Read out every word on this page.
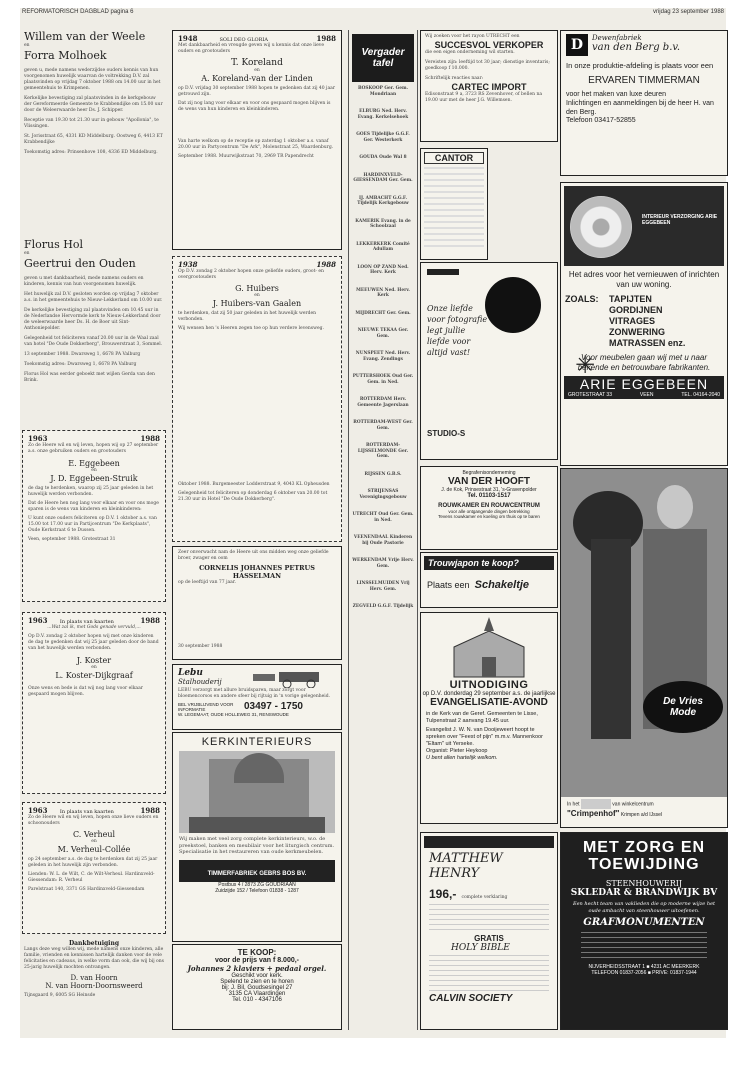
REFORMATORISCH DAGBLAD pagina 6	vrijdag 23 september 1988

Willem van der Weele

en

Forra Molhoek

geven u, mede namens wederzijdse ouders kennis van hun voorgenomen huwelijk waarvan de voltrekking D.V. zal plaatsvinden op vrijdag 7 oktober 1988 om 14.00 uur in het gemeentehuis te Krimpenen.
Kerkelijke bevestiging zal plaatsvinden in de kerkgebouw der Gereformeerde Gemeente te Krabbendijke om 15.00 uur door de Weleerwaarde heer Ds. J. Schipper.
Receptie van 19.30 tot 21.30 uur in gebouw "Apollonia", te Vlissingen.
St. Jorisstraat 65, 4331 KD Middelburg. Oostweg 6, 4413 ET Krabbendijke
Toekomstig adres: Prinsenhove 108, 4336 ED Middelburg.

Florus Hol

en

Geertrui den Ouden

geven u met dankbaarheid, mede namens ouders en kinderen, kennis van hun voorgenomen huwelijk.
Het huwelijk zal D.V. gesloten worden op vrijdag 7 oktober a.s. in het gemeentehuis te Nieuw-Lekkerland om 10.00 uur.
De kerkelijke bevestiging zal plaatsvinden om 10.45 uur in de Nederlandse Hervormde kerk te Nieuw-Lekkerland door de weleerwaarde heer Ds. H. de Boer uit Sint-Anthoniepolder.
Gelegenheid tot feliciteren vanaf 20.00 uur in de Waal zaal van hotel "De Oude Dokkerberg", Brouwerstraat 3, Sommel.
13 september 1988. Dwarsweg 1, 6678 PA Valburg
Toekomstig adres: Dwarsweg 1, 6678 PA Valburg
Florus Hol was eerder geboekt met wijlen Gerda van den Brink.
1963	1988
Zo de Heere wil en wij leven, hopen wij op 27 september a.s. onze gebruiken ouders en grootouders
E. Eggebeen
en
J. D. Eggebeen-Struik
de dag te herdenken, waarop zij 25 jaar geleden in het huwelijk werden verbonden.
Dat de Heere hen nog lang voor elkaar en voor ons moge sparen is de wens van kinderen en kleinkinderen:
U kunt onze ouders feliciteren op D.V. 1 oktober a.s. van 15.00 tot 17.00 uur in Partijcentrum "De Kerkplaats", Oude Kerkstraat 6 te Dussen.
Veen, september 1988. Grotestraat 31
1963 In plaats van kaarten	1988
...Wat zal ik, met Gods genade vervuld,...
Op D.V. zondag 2 oktober hopen wij met onze kinderen de dag te gedenken dat wij 25 jaar geleden door de band van het huwelijk werden verbonden.
J. Koster
en
L. Koster-Dijkgraaf
Onze wens en bede is dat wij nog lang voor elkaar gespaard mogen blijven.
1963 In plaats van kaarten	1988
Zo de Heere wil en wij leven, hopen onze lieve ouders en schoonouders
C. Verheul
en
M. Verheul-Collée
op 24 september a.s. de dag te herdenken dat zij 25 jaar geleden in het huwelijk zijn verbonden.
Lienden: W. L. de Wilt, C. de Wilt-Verheul. Hardinxveld-Giessendam: R. Verheul
Parelstraat 140, 3371 GS Hardinxveld-Giessendam
Dankbetuiging
Langs deze weg willen wij, mede namens onze kinderen, alle familie, vrienden en kennissen hartelijk danken voor de vele felicitaties en cadeaus, in welke vorm dan ook, die wij bij ons 25-jarig huwelijk mochten ontvangen.
D. van Hoorn
N. van Hoorn-Doornsweerd
Tijnsgaard 9, 6005 SG Heinsde
1948	SOLI DEO GLORIA	1988
Met dankbaarheid en vreugde geven wij u kennis dat onze lieve ouders en grootouders
T. Koreland
en
A. Koreland-van der Linden
op D.V. vrijdag 30 september 1988 hopen te gedenken dat zij 40 jaar getrouwd zijn.
Dat zij nog lang voor elkaar en voor ons gespaard mogen blijven is de wens van hun kinderen en kleinkinderen.
Van harte welkom op de receptie op zaterdag 1 oktober a.s. vanaf 20.00 uur in Partycentrum "De Ark", Molenstraat 25, Waardenburg.
September 1988. Muurwijkstraat 70, 2969 TR Papendrecht
1938	1988
Op D.V. zondag 2 oktober hopen onze geliefde ouders, groot- en overgrootouders
G. Huibers
en
J. Huibers-van Gaalen
te herdenken, dat zij 50 jaar geleden in het huwelijk werden verbonden.
Wij wensen hen 's Heeren zegen toe op hun verdere levensweg.
Oktober 1988. Burgemeester Lodderstraat 9, 4043 KL Opheusden
Gelegenheid tot feliciteren op donderdag 6 oktober van 20.00 tot 21.30 uur in Hotel "De Oude Dokkerberg".
Zeer onverwacht nam de Heere uit ons midden weg onze geliefde broer, zwager en oom
CORNELIS JOHANNES PETRUS HASSELMAN
op de leeftijd van 77 jaar.
30 september 1988
Lebu
Stalhouderij
LEBU verzorgt met allure bruidsparen, maar zorgt voor bloemencorsos en andere sfeer bij rijtuig in 'n vorige gelegenheid.
BEL VRIJBLIJVEND VOOR INFORMATIE	03497 - 1750
W. LEGEMAAT, OUDE HOLLEWEG 31, RENSWOUDE
KERKINTERIEURS
Wij maken met veel zorg complete kerkinterieurs, w.o. de preekstoel, banken en meubilair voor het liturgisch centrum. Specialisatie in het restaureren van oude kerkmeubelen.
TIMMERFABRIEK GEBRS BOS BV.
Postbus 4 / 2873 ZG GOUDRIAAN
Zuidzijde 152 / Telefoon 01838 - 1287
TE KOOP:
voor de prijs van f 8.000,-
Johannes 2 klaviers + pedaal orgel.
Geschikt voor kerk.
Spelend te zien en te horen
bij: J. Bil, Goudsesingel 27
3135 CA Vlaardingen
Tel. 010 - 4347106
Vergader tafel
BOSKOOP Ger. Gem. Mondriaan
ELBURG Ned. Herv. Evang. Kerkelsehoek
GOES Tijdelijke G.G.F. Ger. Westerkerk
GOUDA Oude Wal 8
HARDINXVELD-GIESSENDAM Ger. Gem.
IJ. AMBACHT G.G.F. Tijdelijk Kerkgebouw
KAMERIK Evang. in de Schoolzaal
LEKKERKERK Comité Adullam
LOON OP ZAND Ned. Herv. Kerk
MEEUWEN Ned. Herv. Kerk
MIJDRECHT Ger. Gem.
NIEUWE TEKAA Ger. Gem.
NUNSPEET Ned. Herv. Evang. Zendings
PUTTERSHOEK Oud Ger. Gem. in Ned.
ROTTERDAM Herv. Gemeente Jagerslaan
ROTTERDAM-WEST Ger. Gem.
ROTTERDAM-LIJSSELMONDE Ger. Gem.
RIJSSEN G.B.S.
STRIJENSAS Verenigingsgebouw
UTRECHT Oud Ger. Gem. in Ned.
VEENENDAAL Kinderen bij Oude Pastorie
WERKENDAM Vrije Herv. Gem.
LINSSELMUIDEN Vrij Herv. Gem.
ZEGVELD G.G.F. Tijdelijk
Wij zoeken voor het rayon UTRECHT een
SUCCESVOL VERKOPER
die een eigen onderneming wil starten.
Vereisten zijn: leeftijd tot 30 jaar; dienstige inventaris; goedkoop f 10.000.
Schriftelijk reacties naar:
CARTEC IMPORT
Edisonstraat 9 a, 3723 RS Zevenhover, of bellen na 19.00 uur met de heer J.G. Willemsen.
D	Dewenfabriek
van den Berg b.v.
In onze produktie-afdeling is plaats voor een
ERVAREN TIMMERMAN
voor het maken van luxe deuren
Inlichtingen en aanmeldingen bij de heer H. van den Berg.
Telefoon 03417-52855
CANTOR
INTERIEUR VERZORGING ARIE EGGEBEEN
Het adres voor het vernieuwen of inrichten van uw woning.
ZOALS:	TAPIJTEN
GORDIJNEN
VITRAGES
ZONWERING
MATRASSEN enz.
✳
Voor meubelen gaan wij met u naar bekende en betrouwbare fabrikanten.
ARIE EGGEBEEN
GROTESTRAAT 33	VEEN	TEL. 04164-2040
Onze liefde voor fotografie legt jullie liefde voor altijd vast!
STUDIO-S
Begrafenisonderneming
VAN DER HOOFT
J. de Kok, Prinsestraat 31, 's-Gravenpolder
Tel. 01103-1517
ROUWKAMER EN ROUWCENTRUM
voor alle ontgangende dingen betrekking
Tevens rouwkamer en koeling om thuis op te baren
Trouwjapon te koop?
Plaats een Schakeltje
UITNODIGING
op D.V. donderdag 29 september a.s. de jaarlijkse
EVANGELISATIE-AVOND
in de Kerk van de Geref. Gemeenten te Lisse, Tulpenstraat 2 aanvang 19.45 uur.
Evangelist J. W. N. van Dooijeweert hoopt te spreken over "Feest of pijn" m.m.v. Mannenkoor "Eltam" uit Yerseke.
Organist: Pieter Heykoop
U bent allen hartelijk welkom.
De Vries Mode
In het	van winkelcentrum
"Crimpenhof" Krimpen a/d IJssel
MATTHEW HENRY
196,- complete verklaring
GRATIS
HOLY BIBLE
CALVIN SOCIETY
MET ZORG EN TOEWIJDING
STEENHOUWERIJ
SKLEDAR & BRANDWIJK BV
Een hecht team van vaklieden die op moderne wijze het oude ambacht van steenhouwer uitoefenen.
GRAFMONUMENTEN
NIJVERHEIDSSTRAAT 1 ■ 4231 AC MEERKERK
TELEFOON 01837-2056 ■ PRIVE: 01837-1944
